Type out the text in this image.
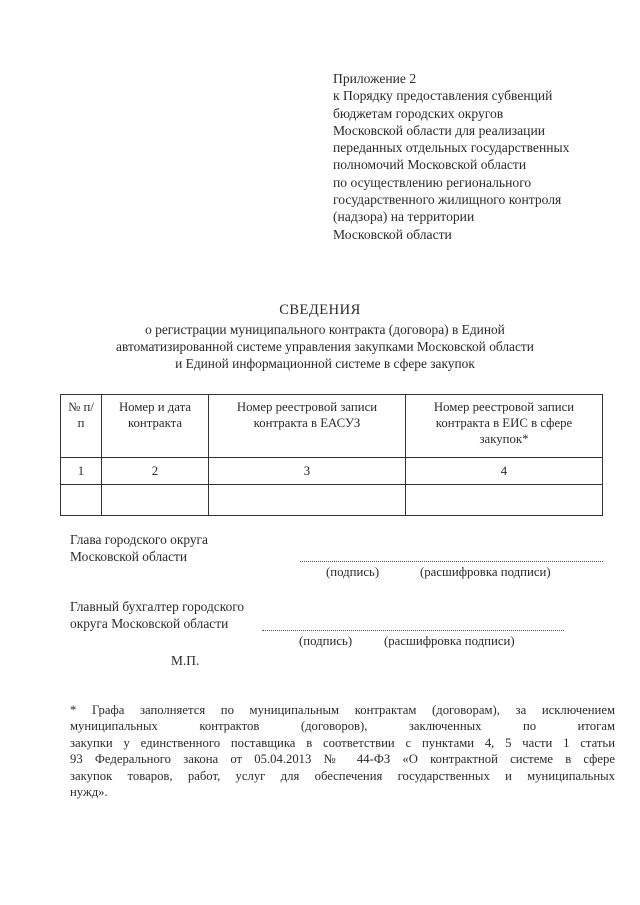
Приложение 2
к Порядку предоставления субвенций
бюджетам городских округов
Московской области для реализации
переданных отдельных государственных
полномочий Московской области
по осуществлению регионального
государственного жилищного контроля
(надзора) на территории
Московской области
СВЕДЕНИЯ
о регистрации муниципального контракта (договора) в Единой
автоматизированной системе управления закупками Московской области
и Единой информационной системе в сфере закупок
№ п/п	Номер и дата контракта	Номер реестровой записи контракта в ЕАСУЗ	Номер реестровой записи контракта в ЕИС в сфере закупок*
1	2	3	4

Глава городского округа
Московской области
(подпись)	(расшифровка подписи)
Главный бухгалтер городского
округа Московской области
(подпись) (расшифровка подписи)
М.П.
* Графа заполняется по муниципальным контрактам (договорам), за исключением
муниципальных контрактов (договоров), заключенных по итогам
закупки у единственного поставщика в соответствии с пунктами 4, 5 части 1 статьи
93 Федерального закона от 05.04.2013 № 44-ФЗ «О контрактной системе в сфере
закупок товаров, работ, услуг для обеспечения государственных и муниципальных
нужд».
